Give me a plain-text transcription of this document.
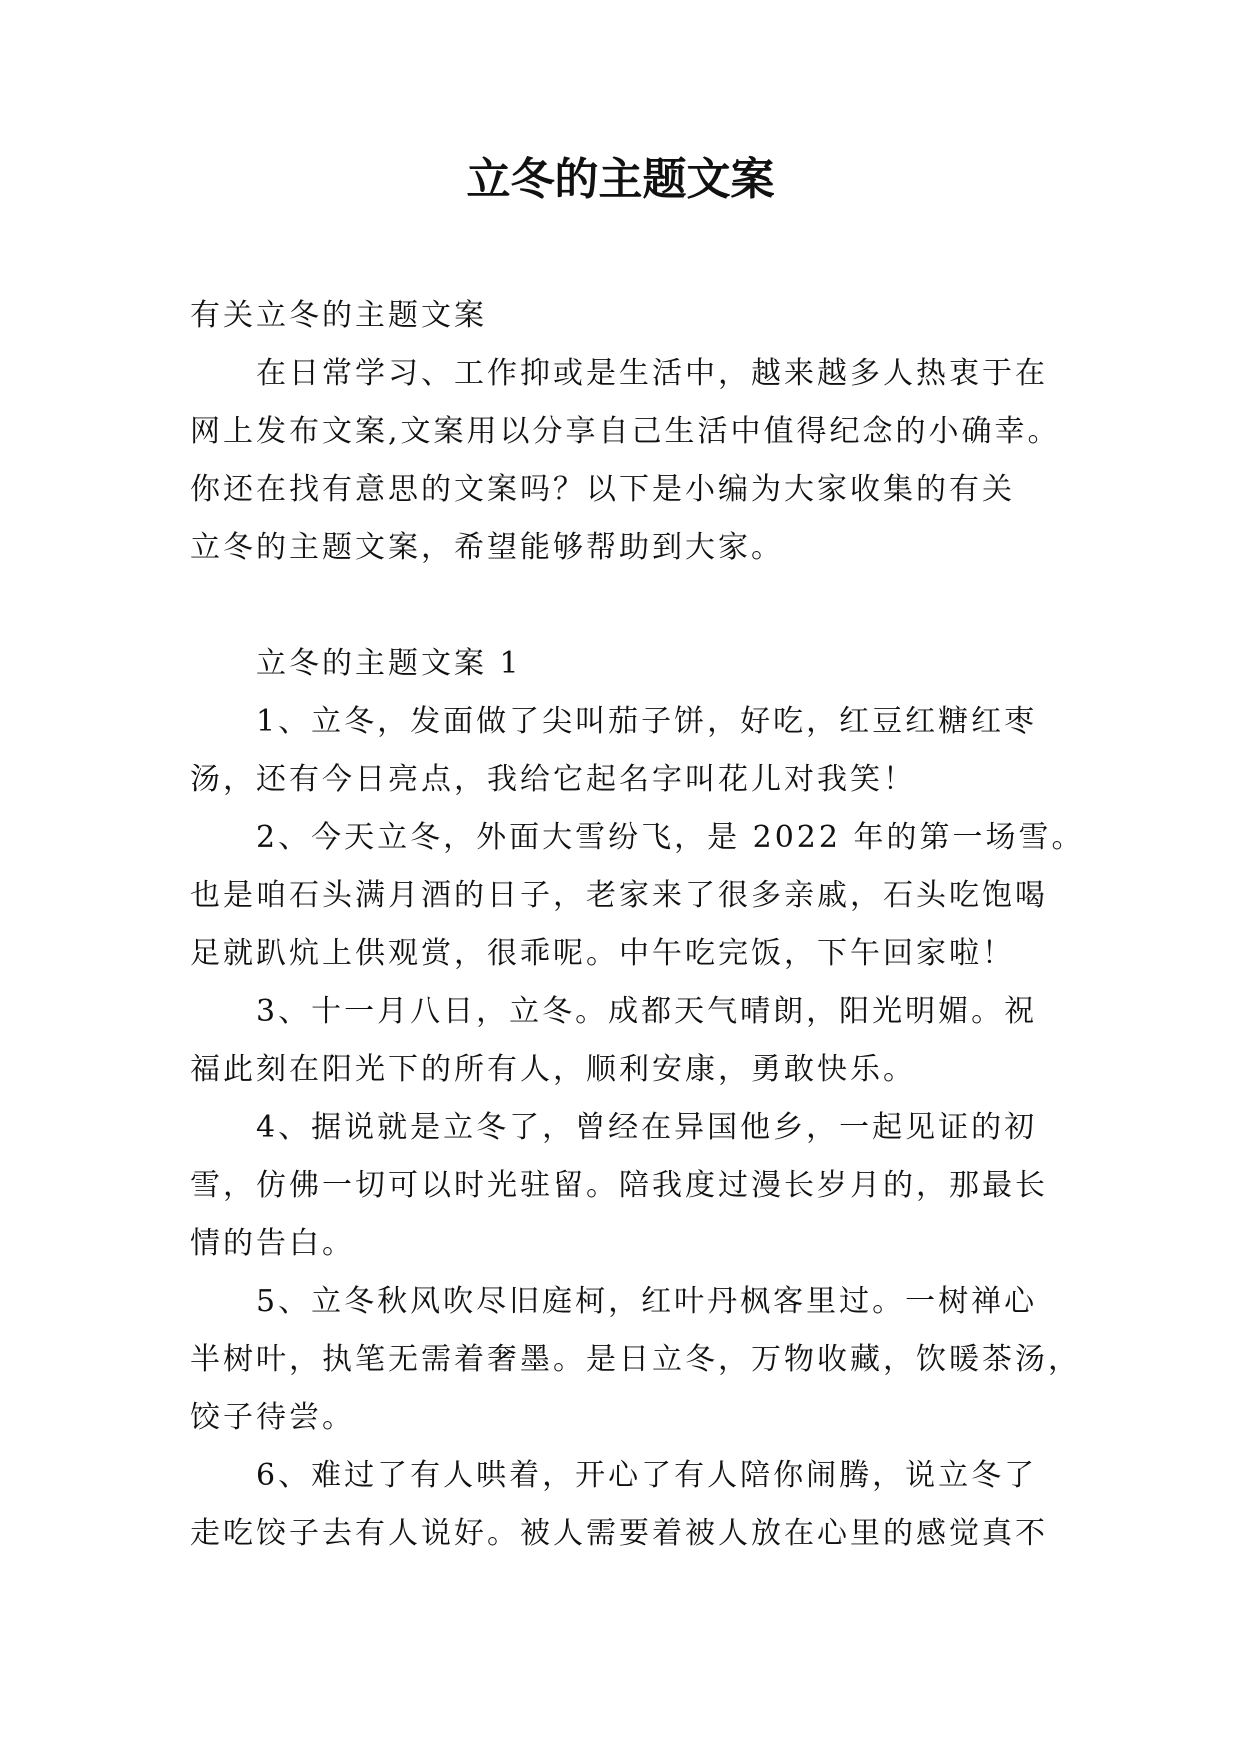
立冬的主题文案
有关立冬的主题文案
在日常学习、工作抑或是生活中，越来越多人热衷于在
网上发布文案,文案用以分享自己生活中值得纪念的小确幸。
你还在找有意思的文案吗？以下是小编为大家收集的有关
立冬的主题文案，希望能够帮助到大家。
立冬的主题文案 1
1、立冬，发面做了尖叫茄子饼，好吃，红豆红糖红枣
汤，还有今日亮点，我给它起名字叫花儿对我笑！
2、今天立冬，外面大雪纷飞，是 2022 年的第一场雪。
也是咱石头满月酒的日子，老家来了很多亲戚，石头吃饱喝
足就趴炕上供观赏，很乖呢。中午吃完饭，下午回家啦！
3、十一月八日，立冬。成都天气晴朗，阳光明媚。祝
福此刻在阳光下的所有人，顺利安康，勇敢快乐。
4、据说就是立冬了，曾经在异国他乡，一起见证的初
雪，仿佛一切可以时光驻留。陪我度过漫长岁月的，那最长
情的告白。
5、立冬秋风吹尽旧庭柯，红叶丹枫客里过。一树禅心
半树叶，执笔无需着奢墨。是日立冬，万物收藏，饮暖茶汤，
饺子待尝。
6、难过了有人哄着，开心了有人陪你闹腾，说立冬了
走吃饺子去有人说好。被人需要着被人放在心里的感觉真不
